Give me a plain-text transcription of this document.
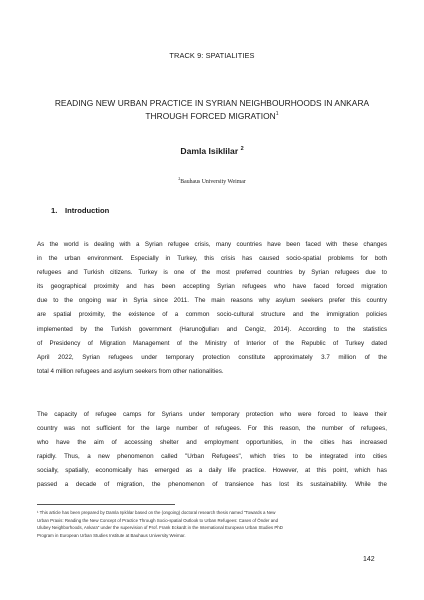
TRACK 9: SPATIALITIES
READING NEW URBAN PRACTICE IN SYRIAN NEIGHBOURHOODS IN ANKARA
THROUGH FORCED MIGRATION$^1$
Damla Isiklilar $^2$
$^2$Bauhaus University Weimar
1. Introduction
As the world is dealing with a Syrian refugee crisis, many countries have been faced with these changes
in the urban environment. Especially in Turkey, this crisis has caused socio-spatial problems for both
refugees and Turkish citizens. Turkey is one of the most preferred countries by Syrian refugees due to
its geographical proximity and has been accepting Syrian refugees who have faced forced migration
due to the ongoing war in Syria since 2011. The main reasons why asylum seekers prefer this country
are spatial proximity, the existence of a common socio-cultural structure and the immigration policies
implemented by the Turkish government (Harunoğulları and Cengiz, 2014). According to the statistics
of Presidency of Migration Management of the Ministry of Interior of the Republic of Turkey dated
April 2022, Syrian refugees under temporary protection constitute approximately 3.7 million of the
total 4 million refugees and asylum seekers from other nationalities.
The capacity of refugee camps for Syrians under temporary protection who were forced to leave their
country was not sufficient for the large number of refugees. For this reason, the number of refugees,
who have the aim of accessing shelter and employment opportunities, in the cities has increased
rapidly. Thus, a new phenomenon called "Urban Refugees", which tries to be integrated into cities
socially, spatially, economically has emerged as a daily life practice. However, at this point, which has
passed a decade of migration, the phenomenon of transience has lost its sustainability. While the
¹ This article has been prepared by Damla Işıklılar based on the (ongoing) doctoral research thesis named "Towards a New
Urban Praxis: Reading the New Concept of Practice Through Socio-spatial Outlook to Urban Refugees: Cases of Önder and
Ulubey Neighborhoods, Ankara" under the supervision of Prof. Frank Eckardt in the International European Urban Studies PhD
Program in European Urban Studies Institute at Bauhaus University Weimar.
142
